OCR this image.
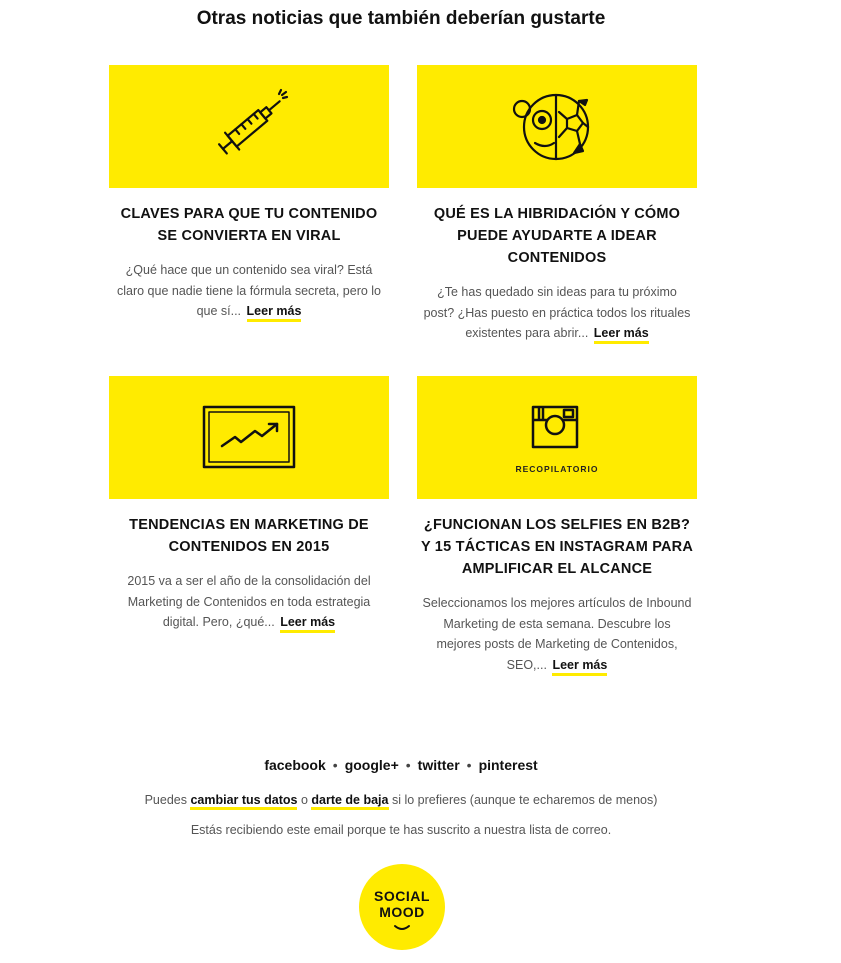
Otras noticias que también deberían gustarte
CLAVES PARA QUE TU CONTENIDO SE CONVIERTA EN VIRAL
¿Qué hace que un contenido sea viral? Está claro que nadie tiene la fórmula secreta, pero lo que sí... Leer más
QUÉ ES LA HIBRIDACIÓN Y CÓMO PUEDE AYUDARTE A IDEAR CONTENIDOS
¿Te has quedado sin ideas para tu próximo post? ¿Has puesto en práctica todos los rituales existentes para abrir... Leer más
TENDENCIAS EN MARKETING DE CONTENIDOS EN 2015
2015 va a ser el año de la consolidación del Marketing de Contenidos en toda estrategia digital. Pero, ¿qué... Leer más
RECOPILATORIO
¿FUNCIONAN LOS SELFIES EN B2B? Y 15 TÁCTICAS EN INSTAGRAM PARA AMPLIFICAR EL ALCANCE
Seleccionamos los mejores artículos de Inbound Marketing de esta semana. Descubre los mejores posts de Marketing de Contenidos, SEO,... Leer más
facebook • google+ • twitter • pinterest
Puedes cambiar tus datos o darte de baja si lo prefieres (aunque te echaremos de menos)
Estás recibiendo este email porque te has suscrito a nuestra lista de correo.
SOCIAL
MOOD
